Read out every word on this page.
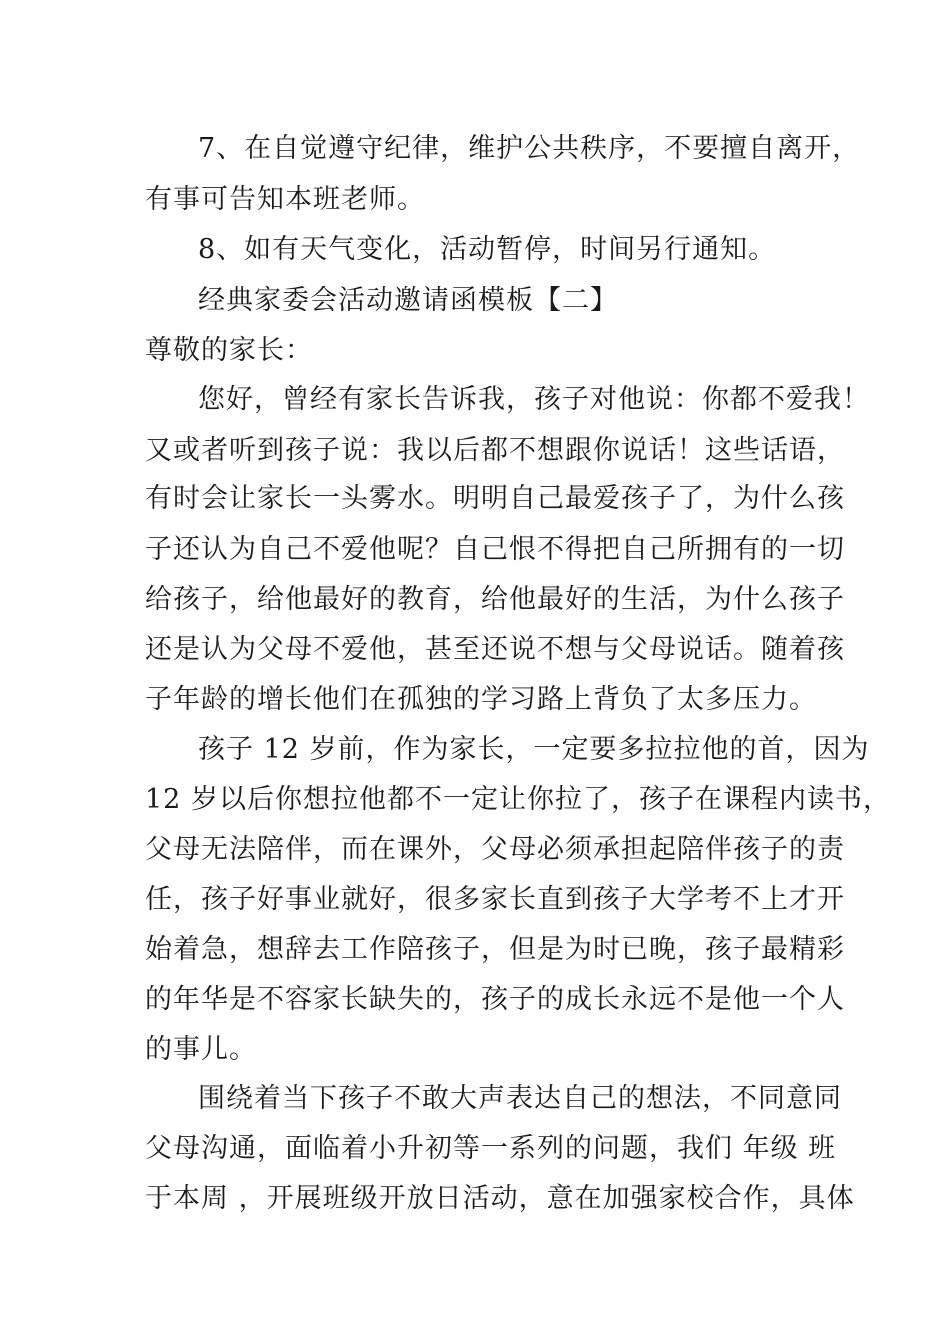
7、在自觉遵守纪律，维护公共秩序，不要擅自离开，
有事可告知本班老师。
8、如有天气变化，活动暂停，时间另行通知。
经典家委会活动邀请函模板【二】
尊敬的家长：
您好，曾经有家长告诉我，孩子对他说：你都不爱我！
又或者听到孩子说：我以后都不想跟你说话！这些话语，
有时会让家长一头雾水。明明自己最爱孩子了，为什么孩
子还认为自己不爱他呢？自己恨不得把自己所拥有的一切
给孩子，给他最好的教育，给他最好的生活，为什么孩子
还是认为父母不爱他，甚至还说不想与父母说话。随着孩
子年龄的增长他们在孤独的学习路上背负了太多压力。
孩子 12 岁前，作为家长，一定要多拉拉他的首，因为
12 岁以后你想拉他都不一定让你拉了，孩子在课程内读书，
父母无法陪伴，而在课外，父母必须承担起陪伴孩子的责
任，孩子好事业就好，很多家长直到孩子大学考不上才开
始着急，想辞去工作陪孩子，但是为时已晚，孩子最精彩
的年华是不容家长缺失的，孩子的成长永远不是他一个人
的事儿。
围绕着当下孩子不敢大声表达自己的想法，不同意同
父母沟通，面临着小升初等一系列的问题，我们 年级 班
于本周 ，开展班级开放日活动，意在加强家校合作，具体
